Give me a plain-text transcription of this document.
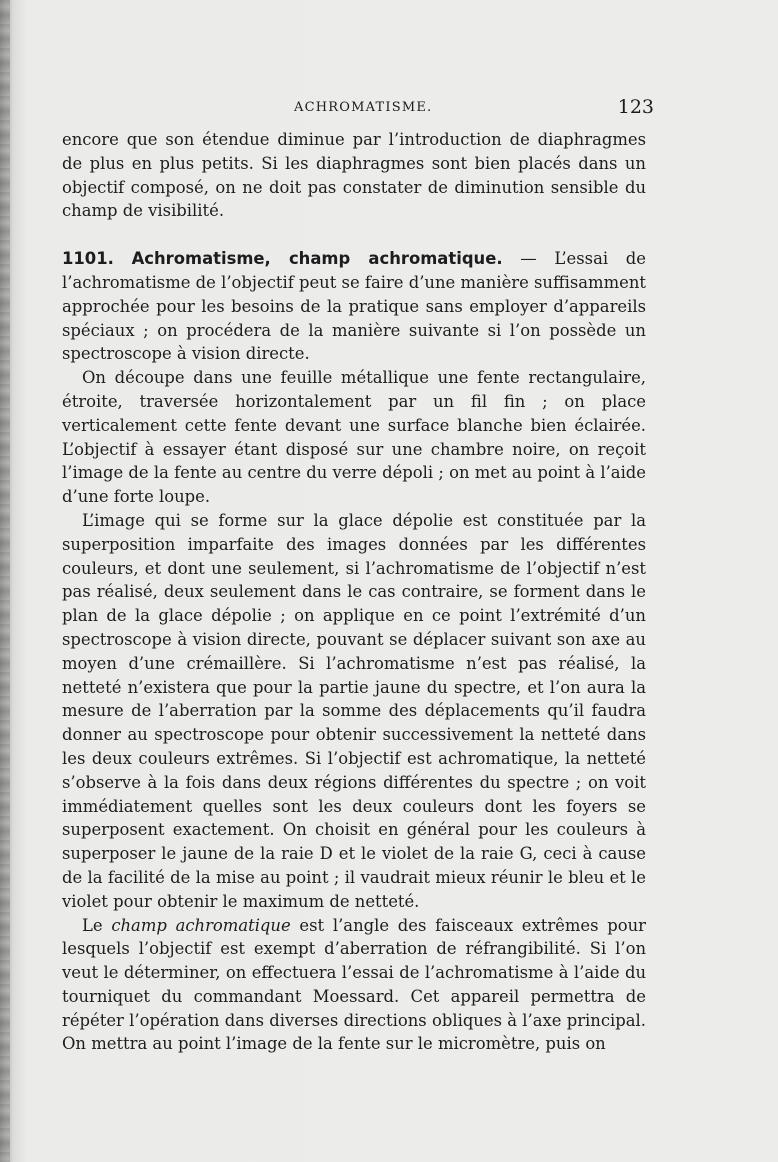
ACHROMATISME.	123

encore que son étendue diminue par l’introduction de diaphragmes de plus en plus petits. Si les diaphragmes sont bien placés dans un objectif composé, on ne doit pas constater de diminution sensible du champ de visibilité.

1101. Achromatisme, champ achromatique. — L’essai de l’achromatisme de l’objectif peut se faire d’une manière suffisamment approchée pour les besoins de la pratique sans employer d’appareils spéciaux ; on procédera de la manière suivante si l’on possède un spectroscope à vision directe.

On découpe dans une feuille métallique une fente rectangulaire, étroite, traversée horizontalement par un fil fin ; on place verticalement cette fente devant une surface blanche bien éclairée. L’objectif à essayer étant disposé sur une chambre noire, on reçoit l’image de la fente au centre du verre dépoli ; on met au point à l’aide d’une forte loupe.

L’image qui se forme sur la glace dépolie est constituée par la superposition imparfaite des images données par les différentes couleurs, et dont une seulement, si l’achromatisme de l’objectif n’est pas réalisé, deux seulement dans le cas contraire, se forment dans le plan de la glace dépolie ; on applique en ce point l’extrémité d’un spectroscope à vision directe, pouvant se déplacer suivant son axe au moyen d’une crémaillère. Si l’achromatisme n’est pas réalisé, la netteté n’existera que pour la partie jaune du spectre, et l’on aura la mesure de l’aberration par la somme des déplacements qu’il faudra donner au spectroscope pour obtenir successivement la netteté dans les deux couleurs extrêmes. Si l’objectif est achromatique, la netteté s’observe à la fois dans deux régions différentes du spectre ; on voit immédiatement quelles sont les deux couleurs dont les foyers se superposent exactement. On choisit en général pour les couleurs à superposer le jaune de la raie D et le violet de la raie G, ceci à cause de la facilité de la mise au point ; il vaudrait mieux réunir le bleu et le violet pour obtenir le maximum de netteté.

Le champ achromatique est l’angle des faisceaux extrêmes pour lesquels l’objectif est exempt d’aberration de réfrangibilité. Si l’on veut le déterminer, on effectuera l’essai de l’achromatisme à l’aide du tourniquet du commandant Moessard. Cet appareil permettra de répéter l’opération dans diverses directions obliques à l’axe principal. On mettra au point l’image de la fente sur le micromètre, puis on
